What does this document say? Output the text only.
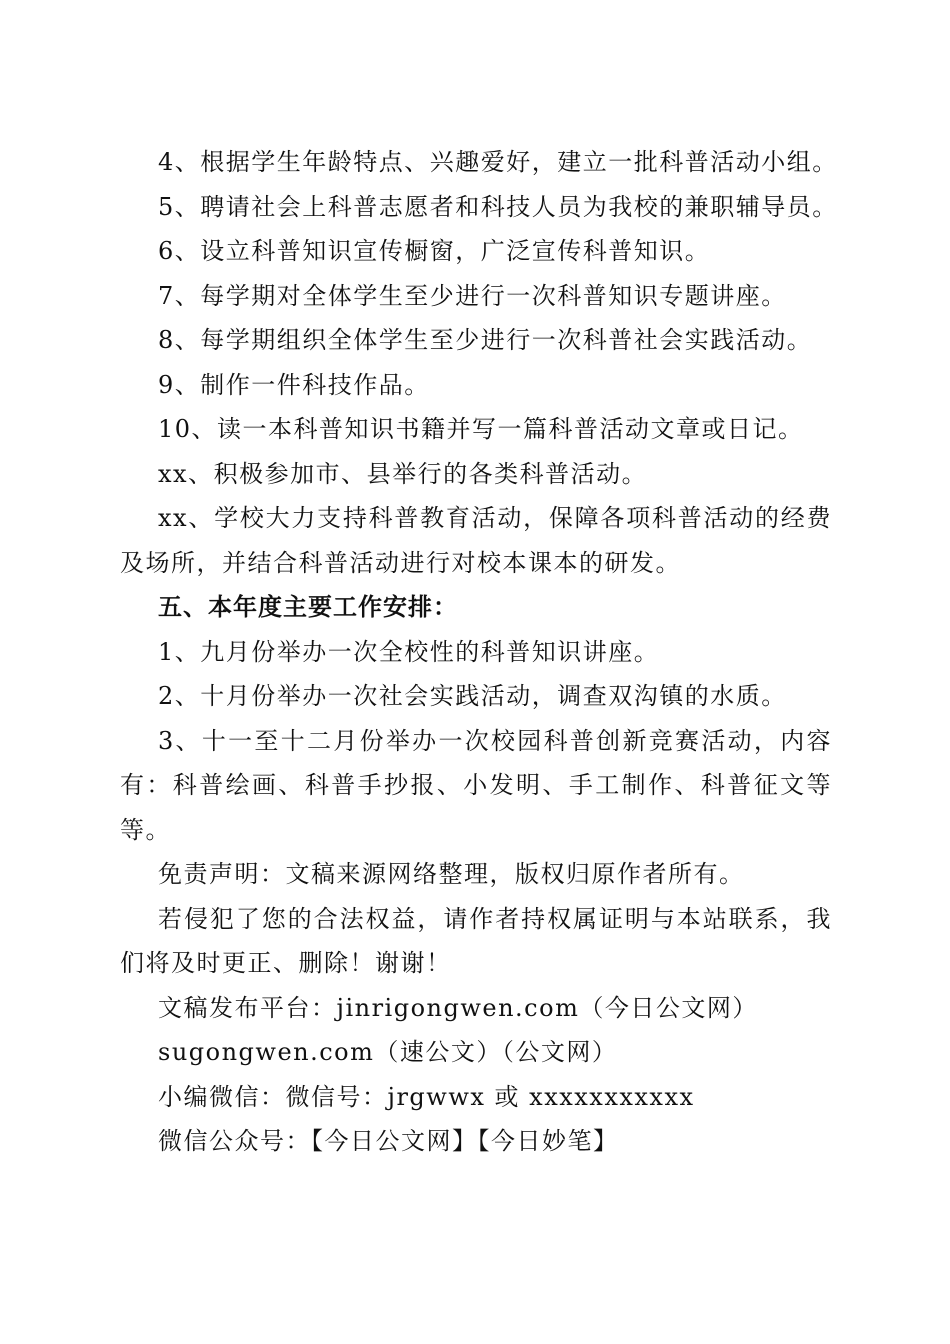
4、根据学生年龄特点、兴趣爱好，建立一批科普活动小组。
5、聘请社会上科普志愿者和科技人员为我校的兼职辅导员。
6、设立科普知识宣传橱窗，广泛宣传科普知识。
7、每学期对全体学生至少进行一次科普知识专题讲座。
8、每学期组织全体学生至少进行一次科普社会实践活动。
9、制作一件科技作品。
10、读一本科普知识书籍并写一篇科普活动文章或日记。
xx、积极参加市、县举行的各类科普活动。
xx、学校大力支持科普教育活动，保障各项科普活动的经费
及场所，并结合科普活动进行对校本课本的研发。
五、本年度主要工作安排：
1、九月份举办一次全校性的科普知识讲座。
2、十月份举办一次社会实践活动，调查双沟镇的水质。
3、十一至十二月份举办一次校园科普创新竞赛活动，内容
有：科普绘画、科普手抄报、小发明、手工制作、科普征文等
等。
免责声明：文稿来源网络整理，版权归原作者所有。
若侵犯了您的合法权益，请作者持权属证明与本站联系，我
们将及时更正、删除！谢谢！
文稿发布平台：jinrigongwen.com（今日公文网）
sugongwen.com（速公文）（公文网）
小编微信：微信号：jrgwwx 或 xxxxxxxxxxx
微信公众号：【今日公文网】【今日妙笔】
